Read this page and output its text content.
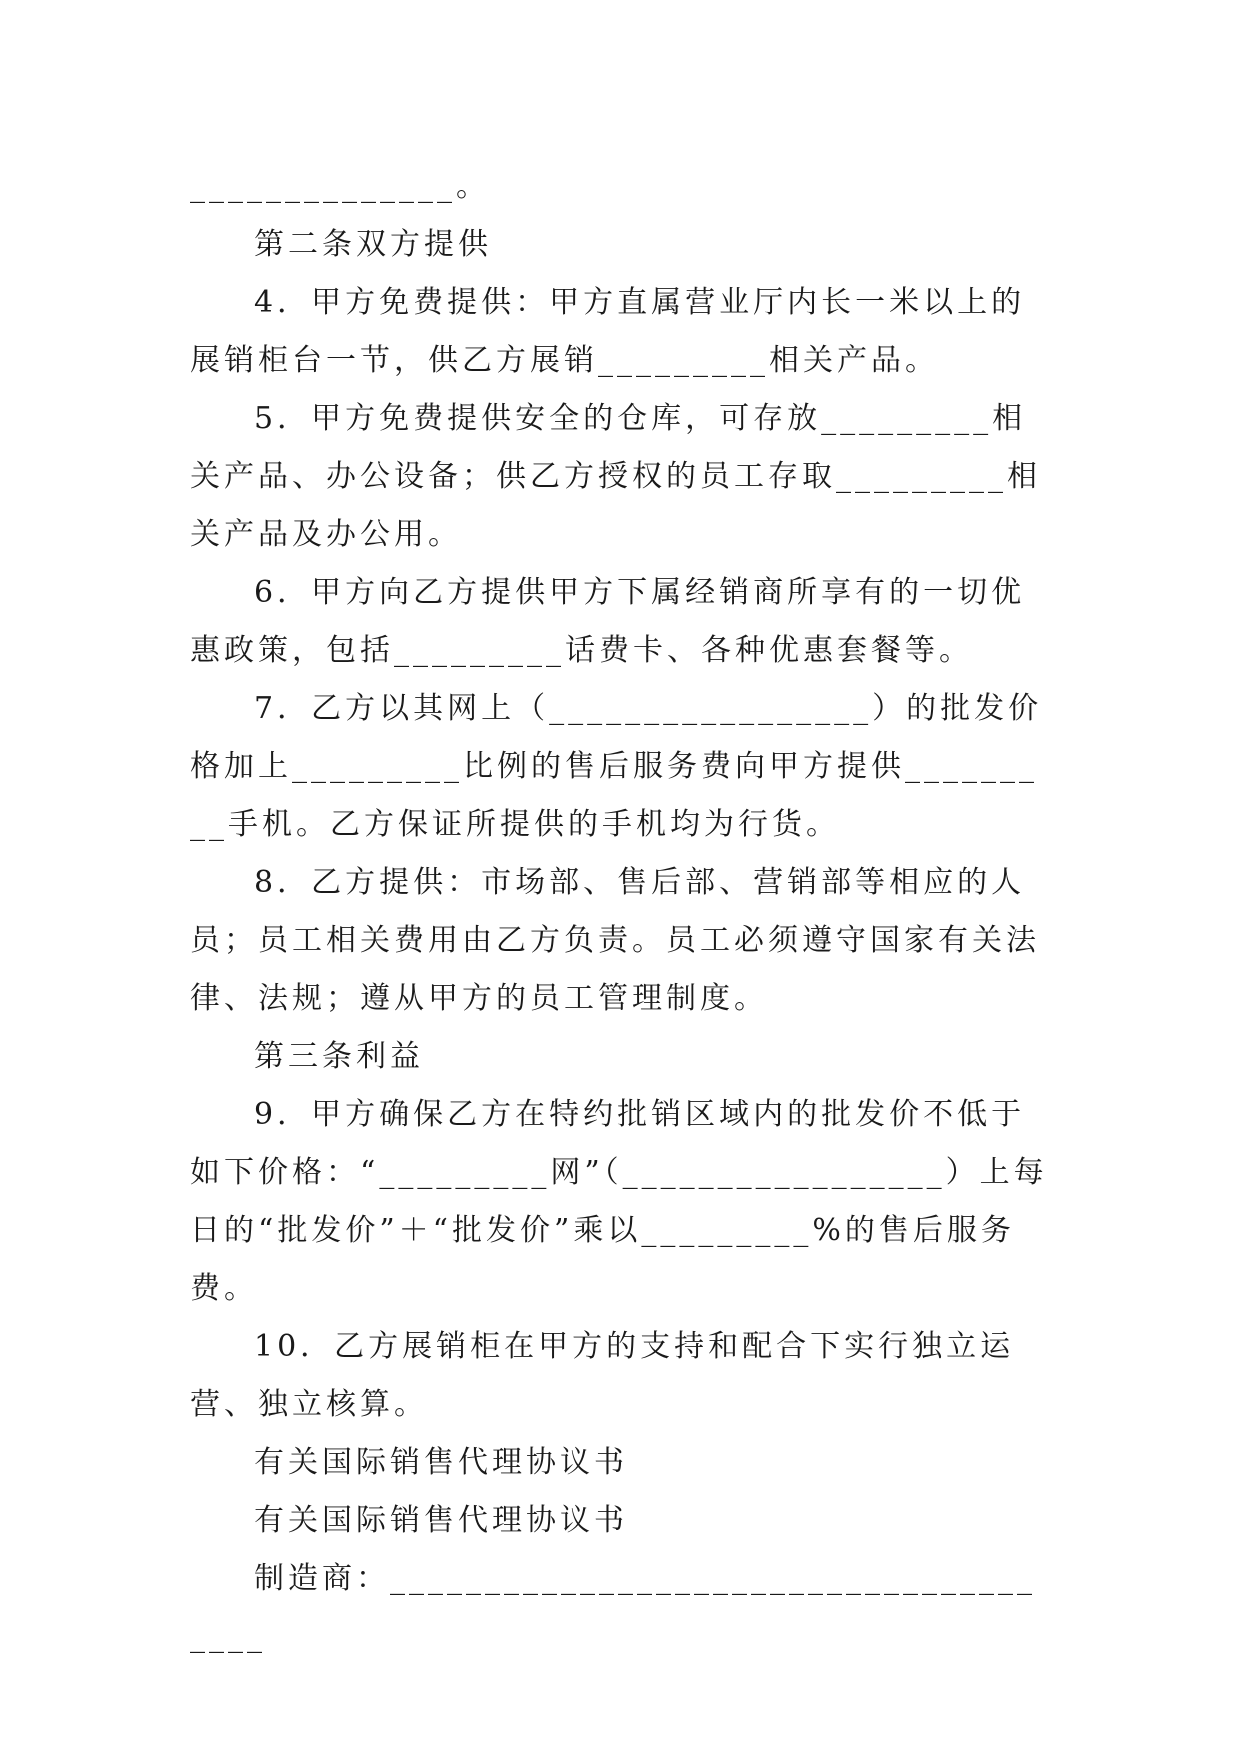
______________。

第二条双方提供

4．甲方免费提供：甲方直属营业厅内长一米以上的展销柜台一节，供乙方展销_________相关产品。

5．甲方免费提供安全的仓库，可存放_________相关产品、办公设备；供乙方授权的员工存取_________相关产品及办公用。

6．甲方向乙方提供甲方下属经销商所享有的一切优惠政策，包括_________话费卡、各种优惠套餐等。

7．乙方以其网上（_________________）的批发价格加上_________比例的售后服务费向甲方提供_________手机。乙方保证所提供的手机均为行货。

8．乙方提供：市场部、售后部、营销部等相应的人员；员工相关费用由乙方负责。员工必须遵守国家有关法律、法规；遵从甲方的员工管理制度。

第三条利益

9．甲方确保乙方在特约批销区域内的批发价不低于如下价格：“_________网”（_________________）上每日的“批发价”＋“批发价”乘以_________%的售后服务费。

10．乙方展销柜在甲方的支持和配合下实行独立运营、独立核算。

有关国际销售代理协议书

有关国际销售代理协议书

制造商：______________________________________
